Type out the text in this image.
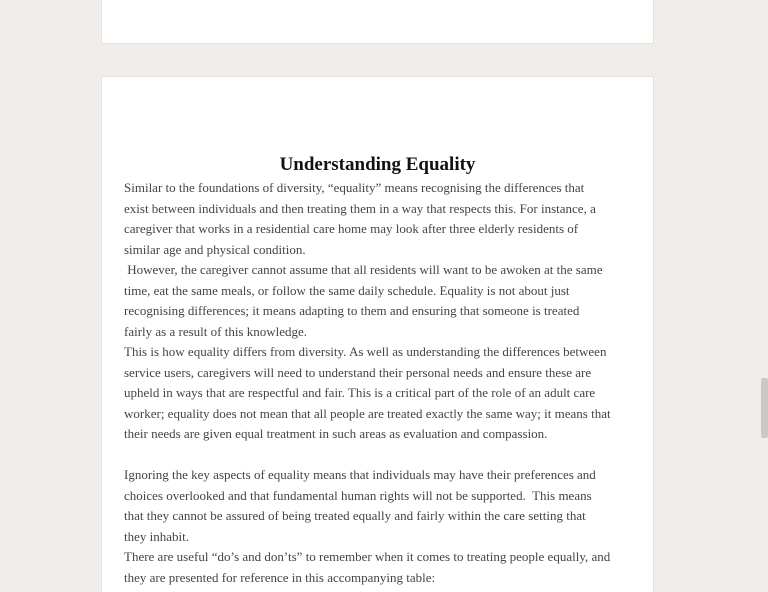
Understanding Equality
Similar to the foundations of diversity, “equality” means recognising the differences that
exist between individuals and then treating them in a way that respects this. For instance, a
caregiver that works in a residential care home may look after three elderly residents of
similar age and physical condition.
However, the caregiver cannot assume that all residents will want to be awoken at the same
time, eat the same meals, or follow the same daily schedule. Equality is not about just
recognising differences; it means adapting to them and ensuring that someone is treated
fairly as a result of this knowledge.
This is how equality differs from diversity. As well as understanding the differences between
service users, caregivers will need to understand their personal needs and ensure these are
upheld in ways that are respectful and fair. This is a critical part of the role of an adult care
worker; equality does not mean that all people are treated exactly the same way; it means that
their needs are given equal treatment in such areas as evaluation and compassion.
Ignoring the key aspects of equality means that individuals may have their preferences and
choices overlooked and that fundamental human rights will not be supported.  This means
that they cannot be assured of being treated equally and fairly within the care setting that
they inhabit.
There are useful “do’s and don’ts” to remember when it comes to treating people equally, and
they are presented for reference in this accompanying table:
